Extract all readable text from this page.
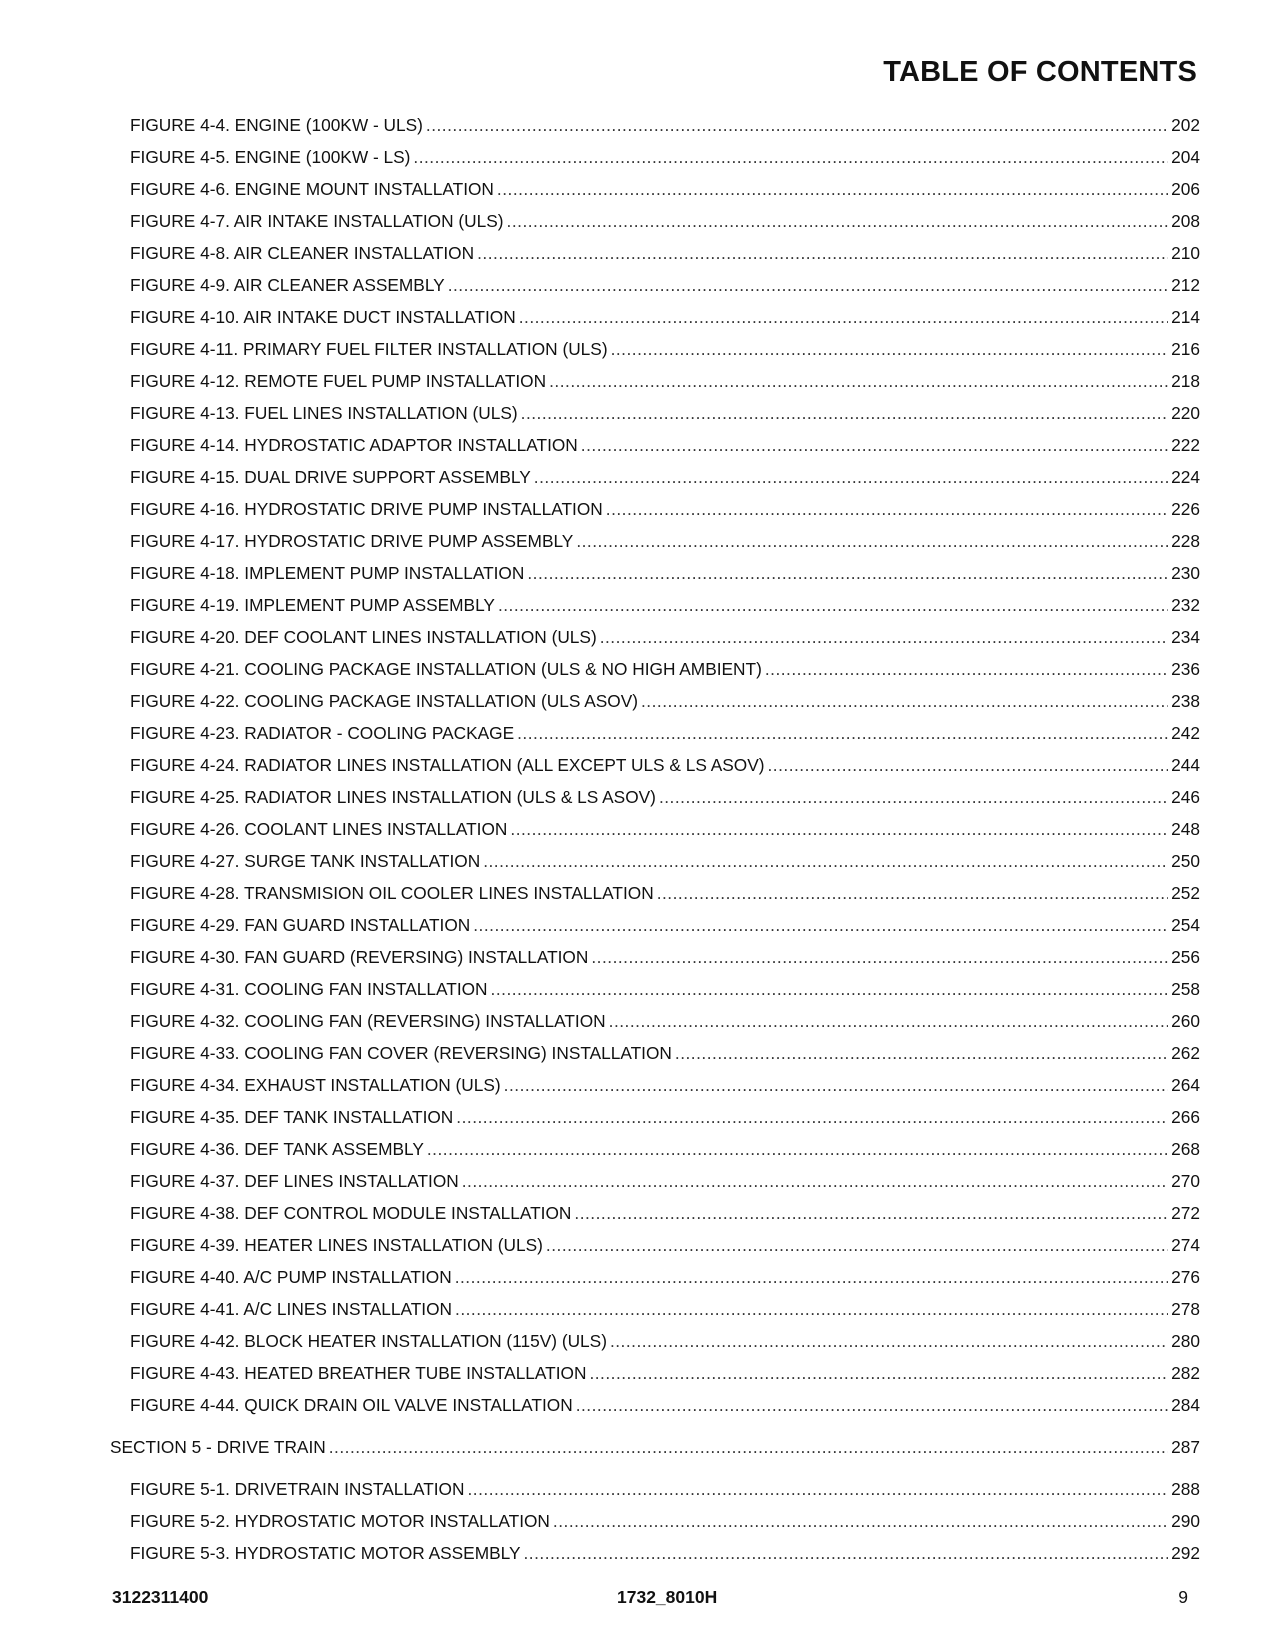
TABLE OF CONTENTS
FIGURE 4-4. ENGINE (100KW - ULS) .....	202
FIGURE 4-5. ENGINE (100KW - LS) .....	204
FIGURE 4-6. ENGINE MOUNT INSTALLATION .....	206
FIGURE 4-7. AIR INTAKE INSTALLATION (ULS) .....	208
FIGURE 4-8. AIR CLEANER INSTALLATION .....	210
FIGURE 4-9. AIR CLEANER ASSEMBLY .....	212
FIGURE 4-10. AIR INTAKE DUCT INSTALLATION .....	214
FIGURE 4-11. PRIMARY FUEL FILTER INSTALLATION (ULS) .....	216
FIGURE 4-12. REMOTE FUEL PUMP INSTALLATION .....	218
FIGURE 4-13. FUEL LINES INSTALLATION (ULS) .....	220
FIGURE 4-14. HYDROSTATIC ADAPTOR INSTALLATION .....	222
FIGURE 4-15. DUAL DRIVE SUPPORT ASSEMBLY .....	224
FIGURE 4-16. HYDROSTATIC DRIVE PUMP INSTALLATION .....	226
FIGURE 4-17. HYDROSTATIC DRIVE PUMP ASSEMBLY .....	228
FIGURE 4-18. IMPLEMENT PUMP INSTALLATION .....	230
FIGURE 4-19. IMPLEMENT PUMP ASSEMBLY .....	232
FIGURE 4-20. DEF COOLANT LINES INSTALLATION (ULS) .....	234
FIGURE 4-21. COOLING PACKAGE INSTALLATION (ULS & NO HIGH AMBIENT) .....	236
FIGURE 4-22. COOLING PACKAGE INSTALLATION (ULS ASOV) .....	238
FIGURE 4-23. RADIATOR - COOLING PACKAGE .....	242
FIGURE 4-24. RADIATOR LINES INSTALLATION (ALL EXCEPT ULS & LS ASOV) .....	244
FIGURE 4-25. RADIATOR LINES INSTALLATION (ULS & LS ASOV) .....	246
FIGURE 4-26. COOLANT LINES INSTALLATION .....	248
FIGURE 4-27. SURGE TANK INSTALLATION .....	250
FIGURE 4-28. TRANSMISION OIL COOLER LINES INSTALLATION .....	252
FIGURE 4-29. FAN GUARD INSTALLATION .....	254
FIGURE 4-30. FAN GUARD (REVERSING) INSTALLATION .....	256
FIGURE 4-31. COOLING FAN INSTALLATION .....	258
FIGURE 4-32. COOLING FAN (REVERSING) INSTALLATION .....	260
FIGURE 4-33. COOLING FAN COVER (REVERSING) INSTALLATION .....	262
FIGURE 4-34. EXHAUST INSTALLATION (ULS) .....	264
FIGURE 4-35. DEF TANK INSTALLATION .....	266
FIGURE 4-36. DEF TANK ASSEMBLY .....	268
FIGURE 4-37. DEF LINES INSTALLATION .....	270
FIGURE 4-38. DEF CONTROL MODULE INSTALLATION .....	272
FIGURE 4-39. HEATER LINES INSTALLATION (ULS) .....	274
FIGURE 4-40. A/C PUMP INSTALLATION .....	276
FIGURE 4-41. A/C LINES INSTALLATION .....	278
FIGURE 4-42. BLOCK HEATER INSTALLATION (115V) (ULS) .....	280
FIGURE 4-43. HEATED BREATHER TUBE INSTALLATION .....	282
FIGURE 4-44. QUICK DRAIN OIL VALVE INSTALLATION .....	284
SECTION 5 - DRIVE TRAIN .....	287
FIGURE 5-1. DRIVETRAIN INSTALLATION .....	288
FIGURE 5-2. HYDROSTATIC MOTOR INSTALLATION .....	290
FIGURE 5-3. HYDROSTATIC MOTOR ASSEMBLY .....	292
3122311400	1732_8010H	9
